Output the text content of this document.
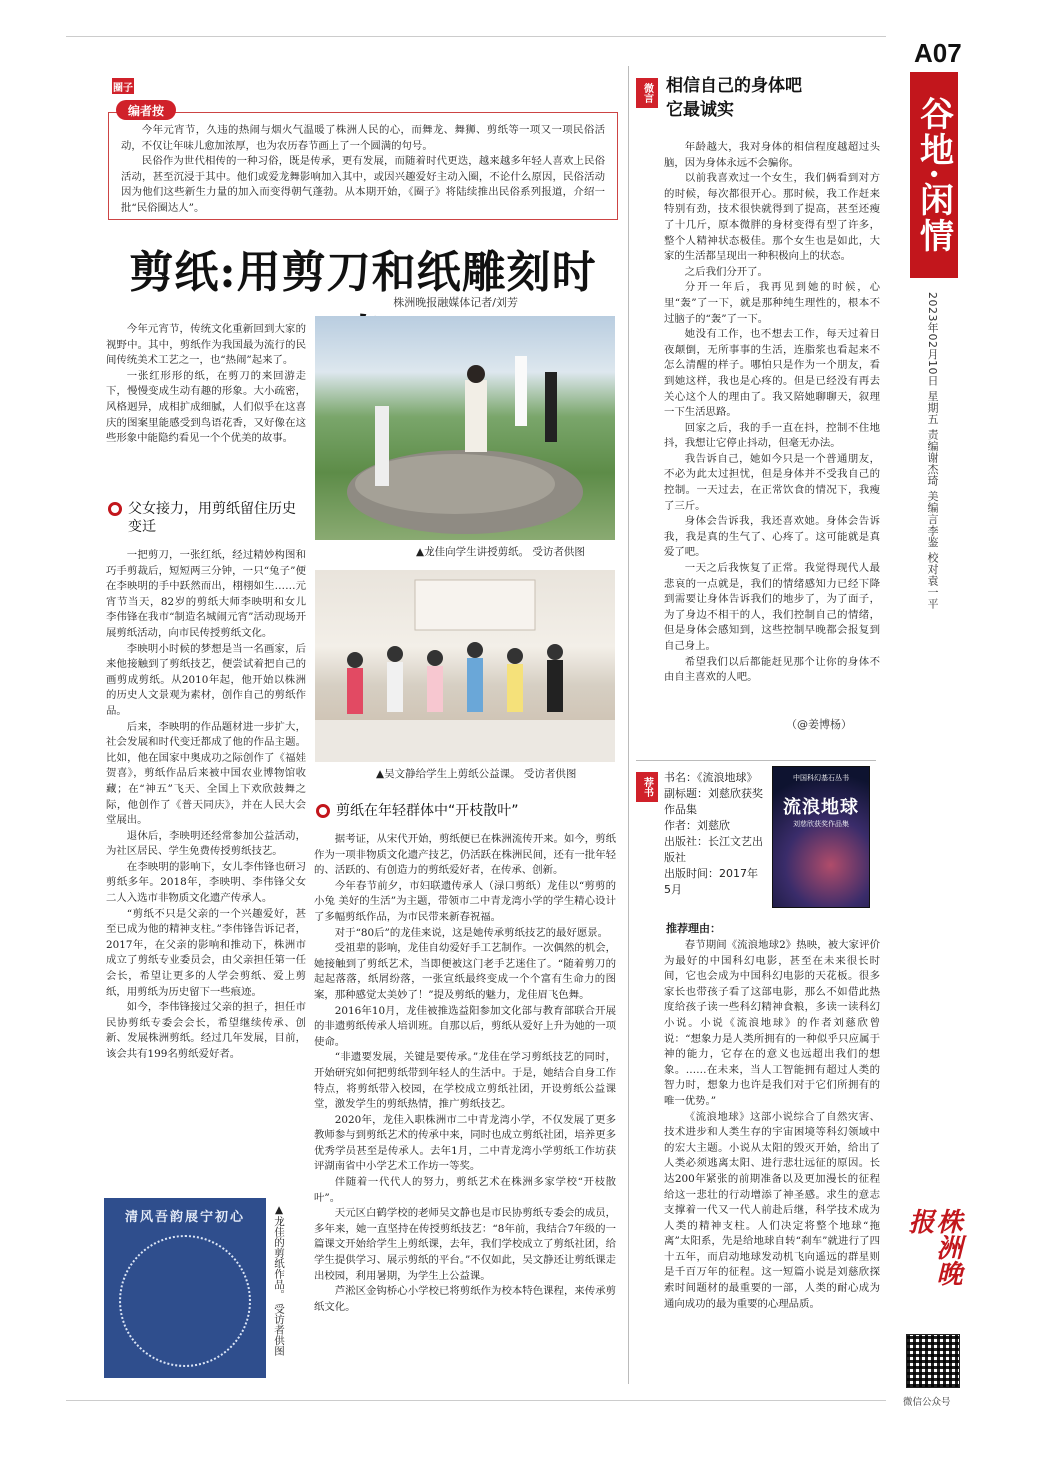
A07
谷地·闲情
2023年02月10日 星期五 责编谢杰琦 美编言李鉴 校对袁一平
株洲晚报
微信公众号

今年元宵节，久违的热闹与烟火气温暖了株洲人民的心，而舞龙、舞狮、剪纸等一项又一项民俗活动，不仅让年味儿愈加浓厚，也为农历春节画上了一个圆满的句号。

民俗作为世代相传的一种习俗，既是传承，更有发展，而随着时代更迭，越来越多年轻人喜欢上民俗活动，甚至沉浸于其中。他们或爱龙舞影响加入其中，或因兴趣爱好主动入圈，不论什么原因，民俗活动因为他们这些新生力量的加入而变得朝气蓬勃。从本期开始，《圈子》将陆续推出民俗系列报道，介绍一批“民俗圈达人”。

圈子
编者按
剪纸:用剪刀和纸雕刻时
株洲晚报融媒体记者/刘芳

今年元宵节，传统文化重新回到大家的视野中。其中，剪纸作为我国最为流行的民间传统美术工艺之一，也“热闹”起来了。

一张红形形的纸，在剪刀的来回游走下，慢慢变成生动有趣的形象。大小疏密，风格迥异，成相扩成细腻，人们似乎在这喜庆的图案里能感受到鸟语花香，又好像在这些形象中能隐约看见一个个优美的故事。

▲龙佳向学生讲授剪纸。 受访者供图
▲吴文静给学生上剪纸公益课。 受访者供图
父女接力，用剪纸留住历史变迁

一把剪刀，一张红纸，经过精妙构图和巧手剪裁后，短短两三分钟，一只“兔子”便在李映明的手中跃然而出，栩栩如生……元宵节当天，82岁的剪纸大师李映明和女儿李伟锋在我市“制造名城闹元宵”活动现场开展剪纸活动，向市民传授剪纸文化。

李映明小时候的梦想是当一名画家，后来他接触到了剪纸技艺，便尝试着把自己的画剪成剪纸。从2010年起，他开始以株洲的历史人文景观为素材，创作自己的剪纸作品。

后来，李映明的作品题材进一步扩大，社会发展和时代变迁都成了他的作品主题。比如，他在国家中奥成功之际创作了《福娃贺喜》，剪纸作品后来被中国农业博物馆收藏；在“神五”飞天、全国上下欢欣鼓舞之际，他创作了《普天同庆》，并在人民大会堂展出。

退休后，李映明还经常参加公益活动，为社区居民、学生免费传授剪纸技艺。

在李映明的影响下，女儿李伟锋也研习剪纸多年。2018年，李映明、李伟锋父女二人入选市非物质文化遗产传承人。

“剪纸不只是父亲的一个兴趣爱好，甚至已成为他的精神支柱。”李伟锋告诉记者，2017年，在父亲的影响和推动下，株洲市成立了剪纸专业委员会，由父亲担任第一任会长，希望让更多的人学会剪纸、爱上剪纸，用剪纸为历史留下一些痕迹。

如今，李伟锋接过父亲的担子，担任市民协剪纸专委会会长，希望继续传承、创新、发展株洲剪纸。经过几年发展，目前，该会共有199名剪纸爱好者。

清风吾韵展宁初心	▲龙佳的剪纸作品。 受访者供图
剪纸在年轻群体中“开枝散叶”

据考证，从宋代开始，剪纸便已在株洲流传开来。如今，剪纸作为一项非物质文化遗产技艺，仍活跃在株洲民间，还有一批年轻的、活跃的、有创造力的剪纸爱好者，在传承、创新。

今年春节前夕，市妇联遗传承人（渌口剪纸）龙佳以“剪剪的小兔 美好的生活”为主题，带领市二中青龙湾小学的学生精心设计了多幅剪纸作品，为市民带来新春祝福。

对于“80后”的龙佳来说，这是她传承剪纸技艺的最好愿景。

受祖辈的影响，龙佳自幼爱好手工艺制作。一次偶然的机会，她接触到了剪纸艺术，当即便被这门老手艺迷住了。“随着剪刀的起起落落，纸屑纷落，一张宣纸最终变成一个个富有生命力的图案，那种感觉太美妙了！”提及剪纸的魅力，龙佳眉飞色舞。

2016年10月，龙佳被推选益阳参加文化部与教育部联合开展的非遗剪纸传承人培训班。自那以后，剪纸从爱好上升为她的一项使命。

“非遗要发展，关键是要传承。”龙佳在学习剪纸技艺的同时，开始研究如何把剪纸带到年轻人的生活中。于是，她结合自身工作特点，将剪纸带入校园，在学校成立剪纸社团，开设剪纸公益课堂，激发学生的剪纸热情，推广剪纸技艺。

2020年，龙佳入职株洲市二中青龙湾小学，不仅发展了更多教师参与到剪纸艺术的传承中来，同时也成立剪纸社团，培养更多优秀学员甚至是传承人。去年1月，二中青龙湾小学剪纸工作坊获评湖南省中小学艺术工作坊一等奖。

伴随着一代代人的努力，剪纸艺术在株洲多家学校“开枝散叶”。

天元区白鹤学校的老师吴文静也是市民协剪纸专委会的成员，多年来，她一直坚持在传授剪纸技艺：“8年前，我结合7年级的一篇课文开始给学生上剪纸课，去年，我们学校成立了剪纸社团，给学生提供学习、展示剪纸的平台。”不仅如此，吴文静还让剪纸课走出校园，利用暑期，为学生上公益课。

芦淞区金钩桥心小学校已将剪纸作为校本特色课程，来传承剪纸文化。

微言 相信自己的身体吧
它最诚实

年龄越大，我对身体的相信程度越超过头脑，因为身体永远不会骗你。

以前我喜欢过一个女生，我们俩看到对方的时候，每次都很开心。那时候，我工作赶来特别有劲，技术很快就得到了提高，甚至还瘦了十几斤，原本微胖的身材变得有型了许多，整个人精神状态极佳。那个女生也是如此，大家的生活都呈现出一种积极向上的状态。

之后我们分开了。

分开一年后，我再见到她的时候，心里“轰”了一下，就是那种纯生理性的，根本不过脑子的“轰”了一下。

她没有工作，也不想去工作，每天过着日夜颠倒，无所事事的生活，连脂浆也看起来不怎么清醒的样子。哪怕只是作为一个朋友，看到她这样，我也是心疼的。但是已经没有再去关心这个人的理由了。我又陪她聊聊天，叙理一下生活思路。

回家之后，我的手一直在抖，控制不住地抖，我想让它停止抖动，但毫无办法。

我告诉自己，她如今只是一个普通朋友，不必为此太过担忧，但是身体并不受我自己的控制。一天过去，在正常饮食的情况下，我瘦了三斤。

身体会告诉我，我还喜欢她。身体会告诉我，我是真的生气了、心疼了。这可能就是真爱了吧。

一天之后我恢复了正常。我觉得现代人最悲哀的一点就是，我们的情绪感知力已经下降到需要让身体告诉我们的地步了，为了面子，为了身边不相干的人，我们控制自己的情绪，但是身体会感知到，这些控制早晚都会报复到自己身上。

希望我们以后都能赶见那个让你的身体不由自主喜欢的人吧。

（@姜博杨）
荐书	书名：《流浪地球》
副标题：刘慈欣获奖作品集
作者：刘慈欣
出版社：长江文艺出版社
出版时间：2017年5月
中国科幻基石丛书
流浪地球
刘慈欣获奖作品集
推荐理由：

春节期间《流浪地球2》热映，被大家评价为最好的中国科幻电影，甚至在未来很长时间，它也会成为中国科幻电影的天花板。很多家长也带孩子看了这部电影，那么不如借此热度给孩子读一些科幻精神食粮，多读一读科幻小说。小说《流浪地球》的作者刘慈欣曾说：“想象力是人类所拥有的一种似乎只应属于神的能力，它存在的意义也远超出我们的想象。……在未来，当人工智能拥有超过人类的智力时，想象力也许是我们对于它们所拥有的唯一优势。”

《流浪地球》这部小说综合了自然灾害、技术进步和人类生存的宇宙困境等科幻领域中的宏大主题。小说从太阳的毁灭开始，给出了人类必须逃离太阳、进行悲壮远征的原因。长达200年紧张的前期准备以及更加漫长的征程给这一悲壮的行动增添了神圣感。求生的意志支撑着一代又一代人前赴后继，科学技术成为人类的精神支柱。人们决定将整个地球“拖离”太阳系，先是给地球自转“刹车”就进行了四十五年，而启动地球发动机飞向遥远的群星则是千百万年的征程。这一短篇小说是刘慈欣探索时间题材的最重要的一部，人类的耐心成为通向成功的最为重要的心理品质。
